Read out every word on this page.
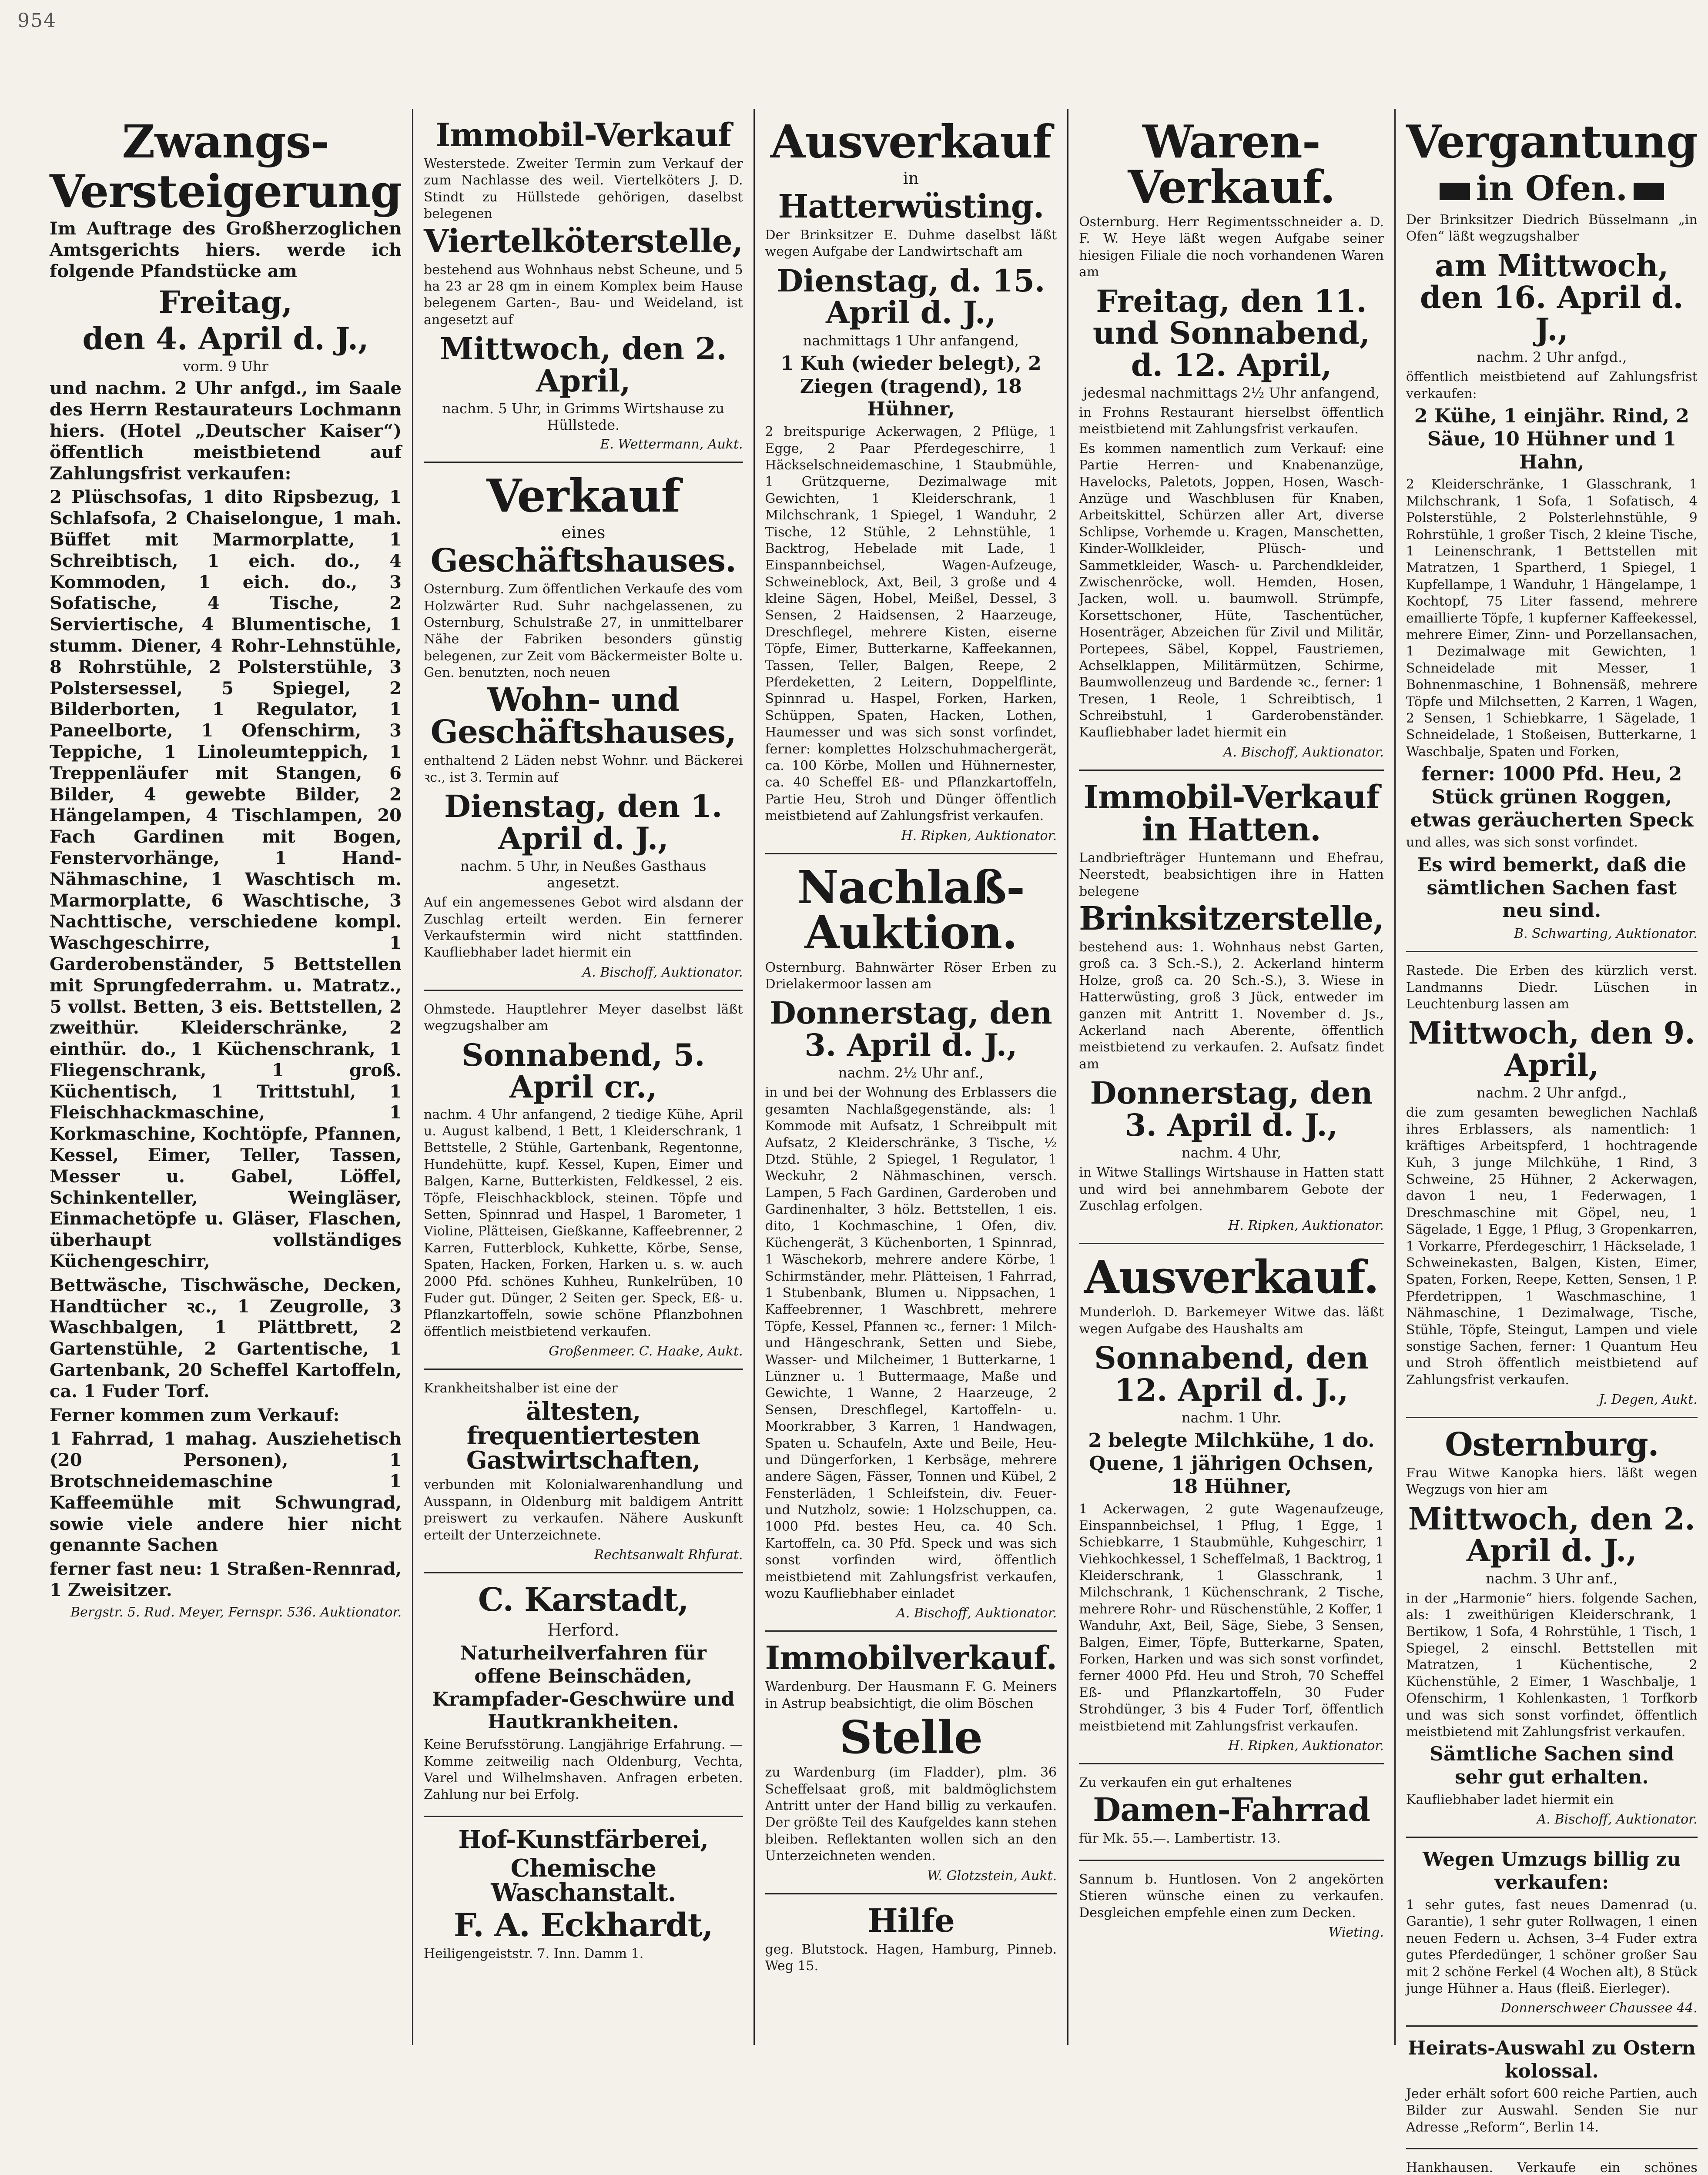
954
Zwangs-
Versteigerung
Im Auftrage des Großherzoglichen Amtsgerichts hiers. werde ich folgende Pfandstücke am
Freitag,
den 4. April d. J.,
vorm. 9 Uhr
und nachm. 2 Uhr anfgd., im Saale des Herrn Restaurateurs Lochmann hiers. (Hotel „Deutscher Kaiser“) öffentlich meistbietend auf Zahlungsfrist verkaufen:
2 Plüschsofas, 1 dito Ripsbezug, 1 Schlafsofa, 2 Chaiselongue, 1 mah. Büffet mit Marmorplatte, 1 Schreibtisch, 1 eich. do., 4 Kommoden, 1 eich. do., 3 Sofatische, 4 Tische, 2 Serviertische, 4 Blumentische, 1 stumm. Diener, 4 Rohr-Lehnstühle, 8 Rohrstühle, 2 Polsterstühle, 3 Polstersessel, 5 Spiegel, 2 Bilderborten, 1 Regulator, 1 Paneelborte, 1 Ofenschirm, 3 Teppiche, 1 Linoleumteppich, 1 Treppenläufer mit Stangen, 6 Bilder, 4 gewebte Bilder, 2 Hängelampen, 4 Tischlampen, 20 Fach Gardinen mit Bogen, Fenstervorhänge, 1 Hand-Nähmaschine, 1 Waschtisch m. Marmorplatte, 6 Waschtische, 3 Nachttische, verschiedene kompl. Waschgeschirre, 1 Garderobenständer, 5 Bettstellen mit Sprungfederrahm. u. Matratz., 5 vollst. Betten, 3 eis. Bettstellen, 2 zweithür. Kleiderschränke, 2 einthür. do., 1 Küchenschrank, 1 Fliegenschrank, 1 groß. Küchentisch, 1 Trittstuhl, 1 Fleischhackmaschine, 1 Korkmaschine, Kochtöpfe, Pfannen, Kessel, Eimer, Teller, Tassen, Messer u. Gabel, Löffel, Schinkenteller, Weingläser, Einmachetöpfe u. Gläser, Flaschen, überhaupt vollständiges Küchengeschirr,
Bettwäsche, Tischwäsche, Decken, Handtücher ꝛc., 1 Zeugrolle, 3 Waschbalgen, 1 Plättbrett, 2 Gartenstühle, 2 Gartentische, 1 Gartenbank, 20 Scheffel Kartoffeln, ca. 1 Fuder Torf.
Ferner kommen zum Verkauf:
1 Fahrrad, 1 mahag. Ausziehetisch (20 Personen), 1 Brotschneidemaschine 1 Kaffeemühle mit Schwungrad, sowie viele andere hier nicht genannte Sachen
ferner fast neu: 1 Straßen-Rennrad, 1 Zweisitzer.
Bergstr. 5. Rud. Meyer, Fernspr. 536. Auktionator.
Immobil-Verkauf
Westerstede. Zweiter Termin zum Verkauf der zum Nachlasse des weil. Viertelköters J. D. Stindt zu Hüllstede gehörigen, daselbst belegenen
Viertelköterstelle,
bestehend aus Wohnhaus nebst Scheune, und 5 ha 23 ar 28 qm in einem Komplex beim Hause belegenem Garten-, Bau- und Weideland, ist angesetzt auf
Mittwoch, den 2. April,
nachm. 5 Uhr, in Grimms Wirtshause zu Hüllstede.
E. Wettermann, Aukt.
Verkauf
eines
Geschäftshauses.
Osternburg. Zum öffentlichen Verkaufe des vom Holzwärter Rud. Suhr nachgelassenen, zu Osternburg, Schulstraße 27, in unmittelbarer Nähe der Fabriken besonders günstig belegenen, zur Zeit vom Bäckermeister Bolte u. Gen. benutzten, noch neuen
Wohn- und Geschäftshauses,
enthaltend 2 Läden nebst Wohnr. und Bäckerei ꝛc., ist 3. Termin auf
Dienstag, den 1. April d. J.,
nachm. 5 Uhr, in Neußes Gasthaus angesetzt.
Auf ein angemessenes Gebot wird alsdann der Zuschlag erteilt werden. Ein fernerer Verkaufstermin wird nicht stattfinden. Kaufliebhaber ladet hiermit ein
A. Bischoff, Auktionator.
Ohmstede. Hauptlehrer Meyer daselbst läßt wegzugshalber am
Sonnabend, 5. April cr.,
nachm. 4 Uhr anfangend, 2 tiedige Kühe, April u. August kalbend, 1 Bett, 1 Kleiderschrank, 1 Bettstelle, 2 Stühle, Gartenbank, Regentonne, Hundehütte, kupf. Kessel, Kupen, Eimer und Balgen, Karne, Butterkisten, Feldkessel, 2 eis. Töpfe, Fleischhackblock, steinen. Töpfe und Setten, Spinnrad und Haspel, 1 Barometer, 1 Violine, Plätteisen, Gießkanne, Kaffeebrenner, 2 Karren, Futterblock, Kuhkette, Körbe, Sense, Spaten, Hacken, Forken, Harken u. s. w. auch 2000 Pfd. schönes Kuhheu, Runkelrüben, 10 Fuder gut. Dünger, 2 Seiten ger. Speck, Eß- u. Pflanzkartoffeln, sowie schöne Pflanzbohnen öffentlich meistbietend verkaufen.
Großenmeer. C. Haake, Aukt.
Krankheitshalber ist eine der
ältesten, frequentiertesten Gastwirtschaften,
verbunden mit Kolonialwarenhandlung und Ausspann, in Oldenburg mit baldigem Antritt preiswert zu verkaufen. Nähere Auskunft erteilt der Unterzeichnete.
Rechtsanwalt Rhfurat.
C. Karstadt,
Herford.
Naturheilverfahren für offene Beinschäden, Krampfader-Geschwüre und Hautkrankheiten.
Keine Berufsstörung. Langjährige Erfahrung. — Komme zeitweilig nach Oldenburg, Vechta, Varel und Wilhelmshaven. Anfragen erbeten. Zahlung nur bei Erfolg.
Hof-Kunstfärberei,
Chemische Waschanstalt.
F. A. Eckhardt,
Heiligengeiststr. 7. Inn. Damm 1.
Ausverkauf
in
Hatterwüsting.
Der Brinksitzer E. Duhme daselbst läßt wegen Aufgabe der Landwirtschaft am
Dienstag, d. 15. April d. J.,
nachmittags 1 Uhr anfangend,
1 Kuh (wieder belegt), 2 Ziegen (tragend), 18 Hühner,
2 breitspurige Ackerwagen, 2 Pflüge, 1 Egge, 2 Paar Pferdegeschirre, 1 Häckselschneidemaschine, 1 Staubmühle, 1 Grützquerne, Dezimalwage mit Gewichten, 1 Kleiderschrank, 1 Milchschrank, 1 Spiegel, 1 Wanduhr, 2 Tische, 12 Stühle, 2 Lehnstühle, 1 Backtrog, Hebelade mit Lade, 1 Einspannbeichsel, Wagen-Aufzeuge, Schweineblock, Axt, Beil, 3 große und 4 kleine Sägen, Hobel, Meißel, Dessel, 3 Sensen, 2 Haidsensen, 2 Haarzeuge, Dreschflegel, mehrere Kisten, eiserne Töpfe, Eimer, Butterkarne, Kaffeekannen, Tassen, Teller, Balgen, Reepe, 2 Pferdeketten, 2 Leitern, Doppelflinte, Spinnrad u. Haspel, Forken, Harken, Schüppen, Spaten, Hacken, Lothen, Haumesser und was sich sonst vorfindet, ferner: komplettes Holzschuhmachergerät, ca. 100 Körbe, Mollen und Hühnernester, ca. 40 Scheffel Eß- und Pflanzkartoffeln, Partie Heu, Stroh und Dünger öffentlich meistbietend auf Zahlungsfrist verkaufen.
H. Ripken, Auktionator.
Nachlaß-Auktion.
Osternburg. Bahnwärter Röser Erben zu Drielakermoor lassen am
Donnerstag, den 3. April d. J.,
nachm. 2½ Uhr anf.,
in und bei der Wohnung des Erblassers die gesamten Nachlaßgegenstände, als: 1 Kommode mit Aufsatz, 1 Schreibpult mit Aufsatz, 2 Kleiderschränke, 3 Tische, ½ Dtzd. Stühle, 2 Spiegel, 1 Regulator, 1 Weckuhr, 2 Nähmaschinen, versch. Lampen, 5 Fach Gardinen, Garderoben und Gardinenhalter, 3 hölz. Bettstellen, 1 eis. dito, 1 Kochmaschine, 1 Ofen, div. Küchengerät, 3 Küchenborten, 1 Spinnrad, 1 Wäschekorb, mehrere andere Körbe, 1 Schirmständer, mehr. Plätteisen, 1 Fahrrad, 1 Stubenbank, Blumen u. Nippsachen, 1 Kaffeebrenner, 1 Waschbrett, mehrere Töpfe, Kessel, Pfannen ꝛc., ferner: 1 Milch- und Hängeschrank, Setten und Siebe, Wasser- und Milcheimer, 1 Butterkarne, 1 Lünzner u. 1 Buttermaage, Maße und Gewichte, 1 Wanne, 2 Haarzeuge, 2 Sensen, Dreschflegel, Kartoffeln- u. Moorkrabber, 3 Karren, 1 Handwagen, Spaten u. Schaufeln, Axte und Beile, Heu- und Düngerforken, 1 Kerbsäge, mehrere andere Sägen, Fässer, Tonnen und Kübel, 2 Fensterläden, 1 Schleifstein, div. Feuer- und Nutzholz, sowie: 1 Holzschuppen, ca. 1000 Pfd. bestes Heu, ca. 40 Sch. Kartoffeln, ca. 30 Pfd. Speck und was sich sonst vorfinden wird, öffentlich meistbietend mit Zahlungsfrist verkaufen, wozu Kaufliebhaber einladet
A. Bischoff, Auktionator.
Immobilverkauf.
Wardenburg. Der Hausmann F. G. Meiners in Astrup beabsichtigt, die olim Böschen
Stelle
zu Wardenburg (im Fladder), plm. 36 Scheffelsaat groß, mit baldmöglichstem Antritt unter der Hand billig zu verkaufen. Der größte Teil des Kaufgeldes kann stehen bleiben. Reflektanten wollen sich an den Unterzeichneten wenden.
W. Glotzstein, Aukt.
Hilfe
geg. Blutstock. Hagen, Hamburg, Pinneb. Weg 15.
Waren-Verkauf.
Osternburg. Herr Regimentsschneider a. D. F. W. Heye läßt wegen Aufgabe seiner hiesigen Filiale die noch vorhandenen Waren am
Freitag, den 11. und Sonnabend, d. 12. April,
jedesmal nachmittags 2½ Uhr anfangend,
in Frohns Restaurant hierselbst öffentlich meistbietend mit Zahlungsfrist verkaufen.
Es kommen namentlich zum Verkauf: eine Partie Herren- und Knabenanzüge, Havelocks, Paletots, Joppen, Hosen, Wasch-Anzüge und Waschblusen für Knaben, Arbeitskittel, Schürzen aller Art, diverse Schlipse, Vorhemde u. Kragen, Manschetten, Kinder-Wollkleider, Plüsch- und Sammetkleider, Wasch- u. Parchendkleider, Zwischenröcke, woll. Hemden, Hosen, Jacken, woll. u. baumwoll. Strümpfe, Korsettschoner, Hüte, Taschentücher, Hosenträger, Abzeichen für Zivil und Militär, Portepees, Säbel, Koppel, Faustriemen, Achselklappen, Militärmützen, Schirme, Baumwollenzeug und Bardende ꝛc., ferner: 1 Tresen, 1 Reole, 1 Schreibtisch, 1 Schreibstuhl, 1 Garderobenständer. Kaufliebhaber ladet hiermit ein
A. Bischoff, Auktionator.
Immobil-Verkauf in Hatten.
Landbriefträger Huntemann und Ehefrau, Neerstedt, beabsichtigen ihre in Hatten belegene
Brinksitzerstelle,
bestehend aus: 1. Wohnhaus nebst Garten, groß ca. 3 Sch.-S.), 2. Ackerland hinterm Holze, groß ca. 20 Sch.-S.), 3. Wiese in Hatterwüsting, groß 3 Jück, entweder im ganzen mit Antritt 1. November d. Js., Ackerland nach Aberente, öffentlich meistbietend zu verkaufen. 2. Aufsatz findet am
Donnerstag, den 3. April d. J.,
nachm. 4 Uhr,
in Witwe Stallings Wirtshause in Hatten statt und wird bei annehmbarem Gebote der Zuschlag erfolgen.
H. Ripken, Auktionator.
Ausverkauf.
Munderloh. D. Barkemeyer Witwe das. läßt wegen Aufgabe des Haushalts am
Sonnabend, den 12. April d. J.,
nachm. 1 Uhr.
2 belegte Milchkühe, 1 do. Quene, 1 jährigen Ochsen, 18 Hühner,
1 Ackerwagen, 2 gute Wagenaufzeuge, Einspannbeichsel, 1 Pflug, 1 Egge, 1 Schiebkarre, 1 Staubmühle, Kuhgeschirr, 1 Viehkochkessel, 1 Scheffelmaß, 1 Backtrog, 1 Kleiderschrank, 1 Glasschrank, 1 Milchschrank, 1 Küchenschrank, 2 Tische, mehrere Rohr- und Rüschenstühle, 2 Koffer, 1 Wanduhr, Axt, Beil, Säge, Siebe, 3 Sensen, Balgen, Eimer, Töpfe, Butterkarne, Spaten, Forken, Harken und was sich sonst vorfindet, ferner 4000 Pfd. Heu und Stroh, 70 Scheffel Eß- und Pflanzkartoffeln, 30 Fuder Strohdünger, 3 bis 4 Fuder Torf, öffentlich meistbietend mit Zahlungsfrist verkaufen.
H. Ripken, Auktionator.
Zu verkaufen ein gut erhaltenes
Damen-Fahrrad
für Mk. 55.—. Lambertistr. 13.
Sannum b. Huntlosen. Von 2 angekörten Stieren wünsche einen zu verkaufen. Desgleichen empfehle einen zum Decken.
Wieting.
Vergantung
in Ofen.
Der Brinksitzer Diedrich Büsselmann „in Ofen“ läßt wegzugshalber
am Mittwoch, den 16. April d. J.,
nachm. 2 Uhr anfgd.,
öffentlich meistbietend auf Zahlungsfrist verkaufen:
2 Kühe, 1 einjähr. Rind, 2 Säue, 10 Hühner und 1 Hahn,
2 Kleiderschränke, 1 Glasschrank, 1 Milchschrank, 1 Sofa, 1 Sofatisch, 4 Polsterstühle, 2 Polsterlehnstühle, 9 Rohrstühle, 1 großer Tisch, 2 kleine Tische, 1 Leinenschrank, 1 Bettstellen mit Matratzen, 1 Spartherd, 1 Spiegel, 1 Kupfellampe, 1 Wanduhr, 1 Hängelampe, 1 Kochtopf, 75 Liter fassend, mehrere emaillierte Töpfe, 1 kupferner Kaffeekessel, mehrere Eimer, Zinn- und Porzellansachen, 1 Dezimalwage mit Gewichten, 1 Schneidelade mit Messer, 1 Bohnenmaschine, 1 Bohnensäß, mehrere Töpfe und Milchsetten, 2 Karren, 1 Wagen, 2 Sensen, 1 Schiebkarre, 1 Sägelade, 1 Schneidelade, 1 Stoßeisen, Butterkarne, 1 Waschbalje, Spaten und Forken,
ferner: 1000 Pfd. Heu, 2 Stück grünen Roggen, etwas geräucherten Speck
und alles, was sich sonst vorfindet.
Es wird bemerkt, daß die sämtlichen Sachen fast neu sind.
B. Schwarting, Auktionator.
Rastede. Die Erben des kürzlich verst. Landmanns Diedr. Lüschen in Leuchtenburg lassen am
Mittwoch, den 9. April,
nachm. 2 Uhr anfgd.,
die zum gesamten beweglichen Nachlaß ihres Erblassers, als namentlich: 1 kräftiges Arbeitspferd, 1 hochtragende Kuh, 3 junge Milchkühe, 1 Rind, 3 Schweine, 25 Hühner, 2 Ackerwagen, davon 1 neu, 1 Federwagen, 1 Dreschmaschine mit Göpel, neu, 1 Sägelade, 1 Egge, 1 Pflug, 3 Gropenkarren, 1 Vorkarre, Pferdegeschirr, 1 Häckselade, 1 Schweinekasten, Balgen, Kisten, Eimer, Spaten, Forken, Reepe, Ketten, Sensen, 1 P. Pferdetrippen, 1 Waschmaschine, 1 Nähmaschine, 1 Dezimalwage, Tische, Stühle, Töpfe, Steingut, Lampen und viele sonstige Sachen, ferner: 1 Quantum Heu und Stroh öffentlich meistbietend auf Zahlungsfrist verkaufen.
J. Degen, Aukt.
Osternburg.
Frau Witwe Kanopka hiers. läßt wegen Wegzugs von hier am
Mittwoch, den 2. April d. J.,
nachm. 3 Uhr anf.,
in der „Harmonie“ hiers. folgende Sachen, als: 1 zweithürigen Kleiderschrank, 1 Bertikow, 1 Sofa, 4 Rohrstühle, 1 Tisch, 1 Spiegel, 2 einschl. Bettstellen mit Matratzen, 1 Küchentische, 2 Küchenstühle, 2 Eimer, 1 Waschbalje, 1 Ofenschirm, 1 Kohlenkasten, 1 Torfkorb und was sich sonst vorfindet, öffentlich meistbietend mit Zahlungsfrist verkaufen.
Sämtliche Sachen sind sehr gut erhalten.
Kaufliebhaber ladet hiermit ein
A. Bischoff, Auktionator.
Wegen Umzugs billig zu verkaufen:
1 sehr gutes, fast neues Damenrad (u. Garantie), 1 sehr guter Rollwagen, 1 einen neuen Federn u. Achsen, 3–4 Fuder extra gutes Pferdedünger, 1 schöner großer Sau mit 2 schöne Ferkel (4 Wochen alt), 8 Stück junge Hühner a. Haus (fleiß. Eierleger).
Donnerschweer Chaussee 44.
Heirats-Auswahl zu Ostern kolossal.
Jeder erhält sofort 600 reiche Partien, auch Bilder zur Auswahl. Senden Sie nur Adresse „Reform“, Berlin 14.
Hankhausen. Verkaufe ein schönes
